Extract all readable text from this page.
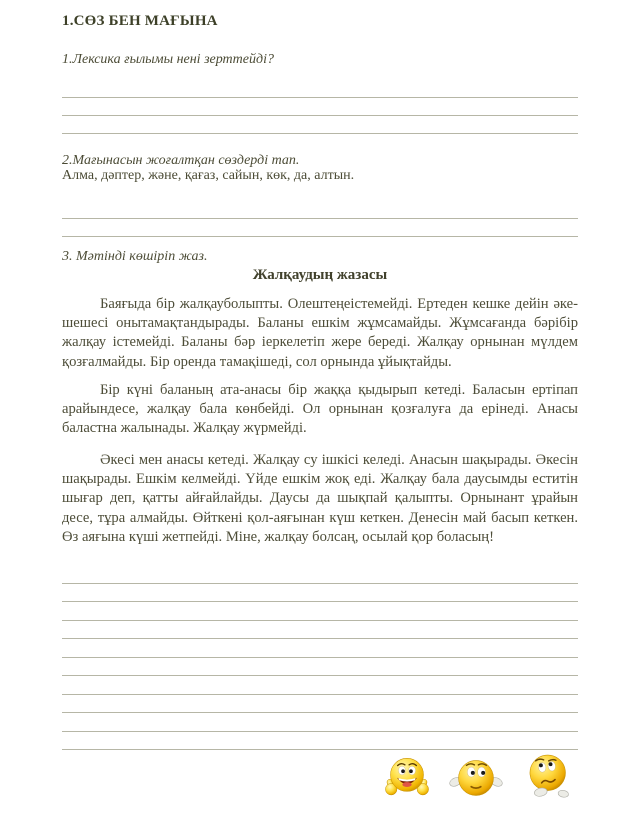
1.СӨЗ БЕН МАҒЫНА
1.Лексика ғылымы нені зерттейді?
2.Мағынасын жоғалтқан сөздерді тап.
Алма, дәптер, және, қағаз, сайын, көк, да, алтын.
3. Мәтінді көшіріп жаз.
Жалқаудың жазасы
Баяғыда бір жалқауболыпты. Олештеңеістемейді. Ертеден кешке дейін әке-шешесі онытамақтандырады. Баланы ешкім жұмсамайды. Жұмсағанда бәрібір жалқау істемейді. Баланы бәр іеркелетіп жере береді. Жалқау орнынан мүлдем қозғалмайды. Бір оренда тамақішеді, сол орнында ұйықтайды.
Бір күні баланың ата-анасы бір жаққа қыдырып кетеді. Баласын ертіпап арайындесе, жалқау бала көнбейді. Ол орнынан қозғалуға да ерінеді. Анасы баластна жалынады. Жалқау жүрмейді.
Әкесі мен анасы кетеді. Жалқау су ішкісі келеді. Анасын шақырады. Әкесін шақырады. Ешкім келмейді. Үйде ешкім жоқ еді. Жалқау бала даусымды еститін шығар деп, қатты айғайлайды. Даусы да шықпай қалыпты. Орнынант ұрайын десе, тұра алмайды. Өйткені қол-аяғынан күш кеткен. Денесін май басып кеткен. Өз аяғына күші жетпейді. Міне, жалқау болсаң, осылай қор боласың!
